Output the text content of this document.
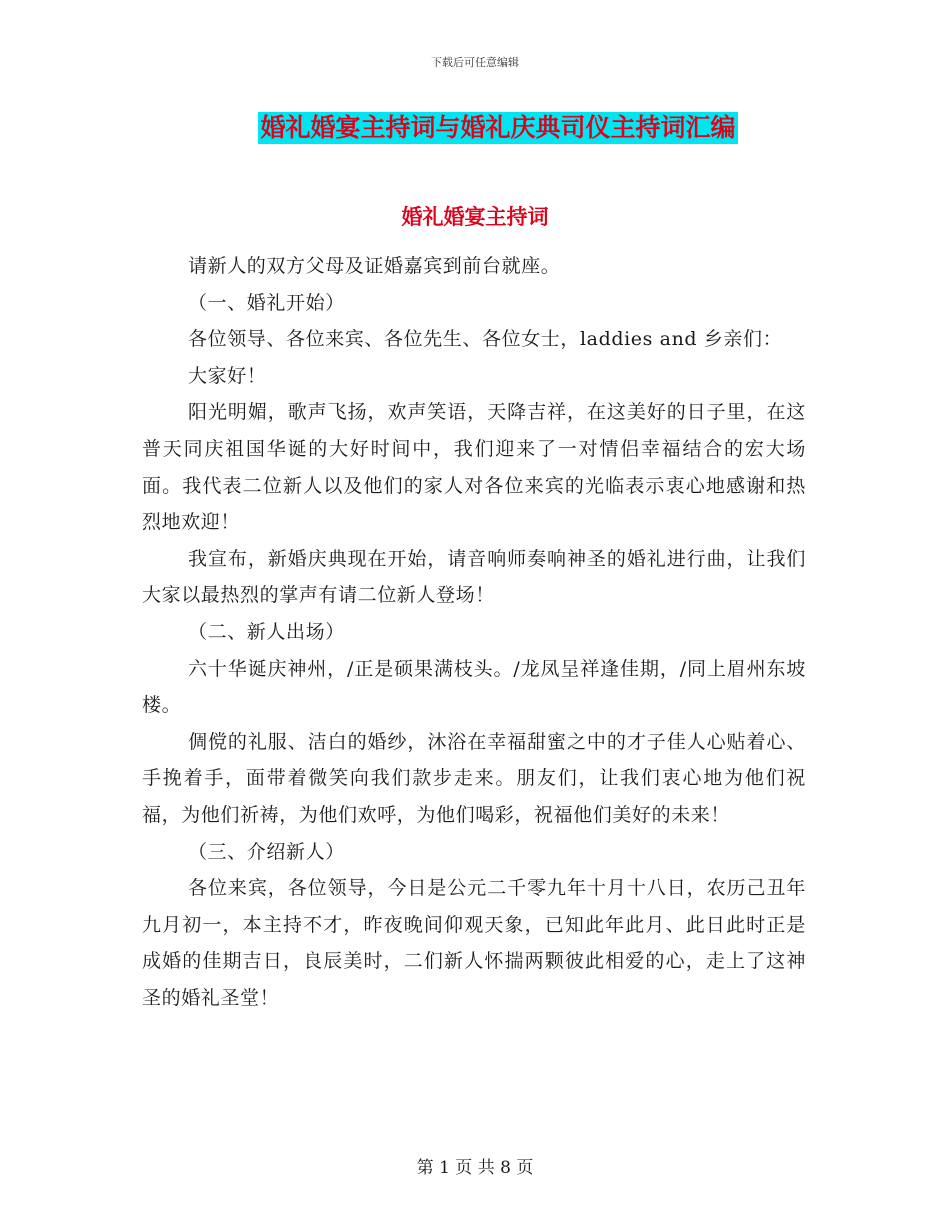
下载后可任意编辑
婚礼婚宴主持词与婚礼庆典司仪主持词汇编
婚礼婚宴主持词

请新人的双方父母及证婚嘉宾到前台就座。

（一、婚礼开始）

各位领导、各位来宾、各位先生、各位女士，laddies and 乡亲们：

大家好！

阳光明媚，歌声飞扬，欢声笑语，天降吉祥，在这美好的日子里，在这普天同庆祖国华诞的大好时间中，我们迎来了一对情侣幸福结合的宏大场面。我代表二位新人以及他们的家人对各位来宾的光临表示衷心地感谢和热烈地欢迎！

我宣布，新婚庆典现在开始，请音响师奏响神圣的婚礼进行曲，让我们大家以最热烈的掌声有请二位新人登场！

（二、新人出场）

六十华诞庆神州，/正是硕果满枝头。/龙凤呈祥逢佳期，/同上眉州东坡楼。

倜傥的礼服、洁白的婚纱，沐浴在幸福甜蜜之中的才子佳人心贴着心、手挽着手，面带着微笑向我们款步走来。朋友们，让我们衷心地为他们祝福，为他们祈祷，为他们欢呼，为他们喝彩，祝福他们美好的未来！

（三、介绍新人）

各位来宾，各位领导，今日是公元二千零九年十月十八日，农历己丑年九月初一，本主持不才，昨夜晚间仰观天象，已知此年此月、此日此时正是成婚的佳期吉日，良辰美时，二们新人怀揣两颗彼此相爱的心，走上了这神圣的婚礼圣堂！

第 1 页 共 8 页
